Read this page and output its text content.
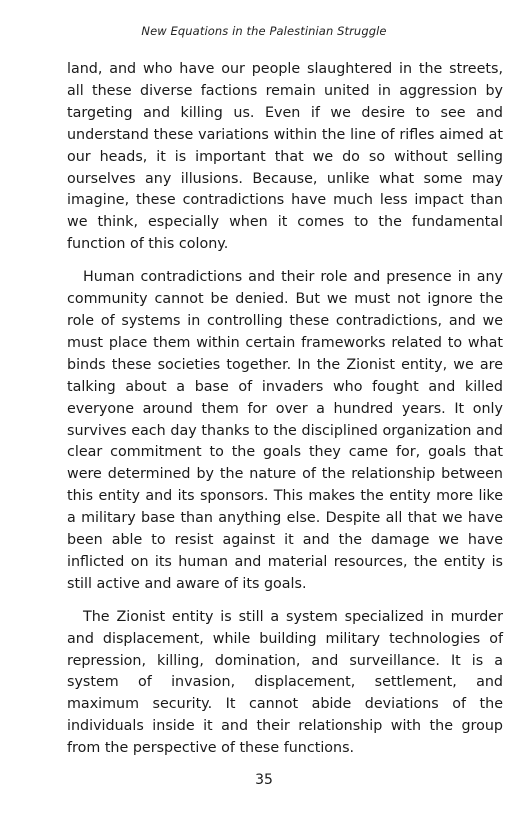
New Equations in the Palestinian Struggle

land, and who have our people slaughtered in the streets, all these diverse factions remain united in aggression by targeting and killing us. Even if we desire to see and understand these variations within the line of rifles aimed at our heads, it is important that we do so without selling ourselves any illusions. Because, unlike what some may imagine, these contradictions have much less impact than we think, especially when it comes to the fundamental function of this colony.

Human contradictions and their role and presence in any community cannot be denied. But we must not ignore the role of systems in controlling these contradictions, and we must place them within certain frameworks related to what binds these societies together. In the Zionist entity, we are talking about a base of invaders who fought and killed everyone around them for over a hundred years. It only survives each day thanks to the disciplined organization and clear commitment to the goals they came for, goals that were determined by the nature of the relationship between this entity and its sponsors. This makes the entity more like a military base than anything else. Despite all that we have been able to resist against it and the damage we have inflicted on its human and material resources, the entity is still active and aware of its goals.

The Zionist entity is still a system specialized in murder and displacement, while building military technologies of repression, killing, domination, and surveillance. It is a system of invasion, displacement, settlement, and maximum security. It cannot abide deviations of the individuals inside it and their relationship with the group from the perspective of these functions.

35
